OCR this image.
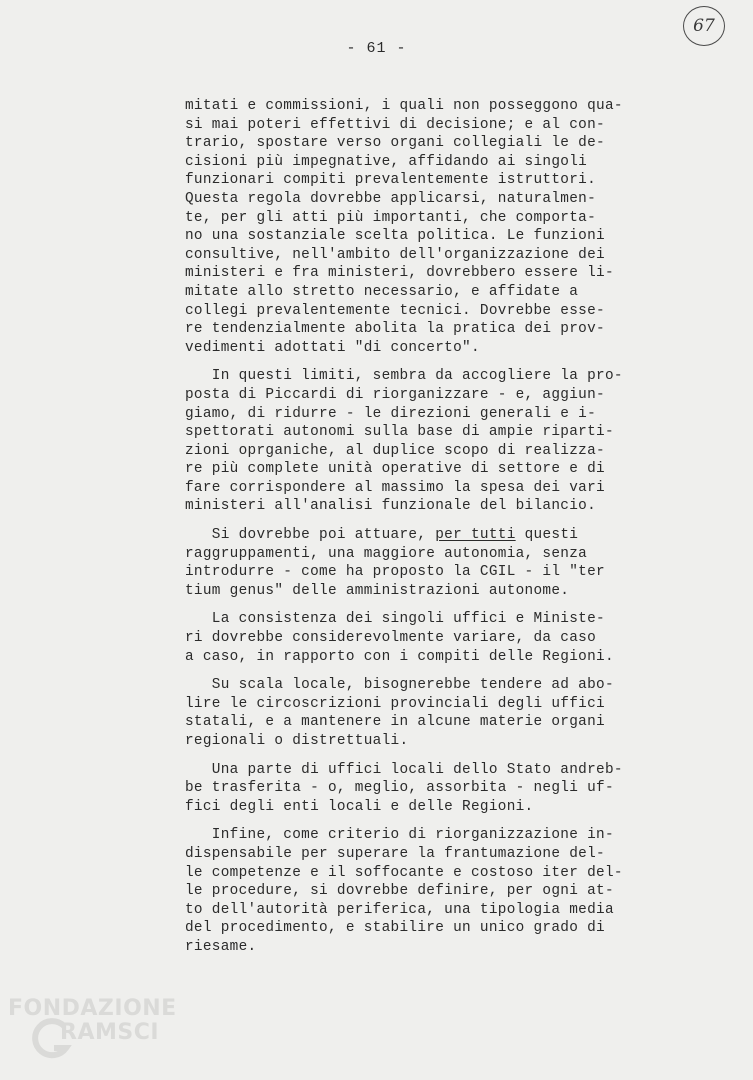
- 61 -
67
mitati e commissioni, i quali non posseggono qua-
si mai poteri effettivi di decisione; e al con-
trario, spostare verso organi collegiali le de-
cisioni più impegnative, affidando ai singoli
funzionari compiti prevalentemente istruttori.
Questa regola dovrebbe applicarsi, naturalmen-
te, per gli atti più importanti, che comporta-
no una sostanziale scelta politica. Le funzioni
consultive, nell'ambito dell'organizzazione dei
ministeri e fra ministeri, dovrebbero essere li-
mitate allo stretto necessario, e affidate a
collegi prevalentemente tecnici. Dovrebbe esse-
re tendenzialmente abolita la pratica dei prov-
vedimenti adottati "di concerto".
In questi limiti, sembra da accogliere la pro-
posta di Piccardi di riorganizzare - e, aggiun-
giamo, di ridurre - le direzioni generali e i-
spettorati autonomi sulla base di ampie riparti-
zioni oprganiche, al duplice scopo di realizza-
re più complete unità operative di settore e di
fare corrispondere al massimo la spesa dei vari
ministeri all'analisi funzionale del bilancio.
Si dovrebbe poi attuare, per tutti questi
raggruppamenti, una maggiore autonomia, senza
introdurre - come ha proposto la CGIL - il "ter
tium genus" delle amministrazioni autonome.
La consistenza dei singoli uffici e Ministe-
ri dovrebbe considerevolmente variare, da caso
a caso, in rapporto con i compiti delle Regioni.
Su scala locale, bisognerebbe tendere ad abo-
lire le circoscrizioni provinciali degli uffici
statali, e a mantenere in alcune materie organi
regionali o distrettuali.
Una parte di uffici locali dello Stato andreb-
be trasferita - o, meglio, assorbita - negli uf-
fici degli enti locali e delle Regioni.
Infine, come criterio di riorganizzazione in-
dispensabile per superare la frantumazione del-
le competenze e il soffocante e costoso iter del-
le procedure, si dovrebbe definire, per ogni at-
to dell'autorità periferica, una tipologia media
del procedimento, e stabilire un unico grado di
riesame.
FONDAZIONE
RAMSCI
